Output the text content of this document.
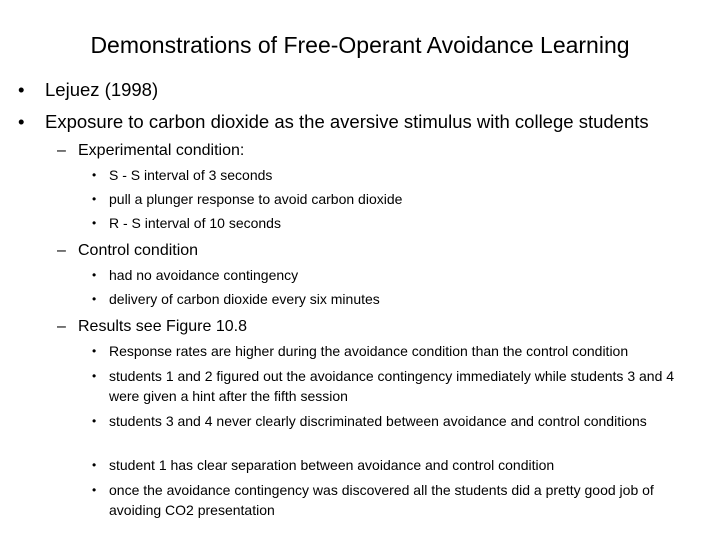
Demonstrations of Free-Operant Avoidance Learning
• Lejuez (1998)
• Exposure to carbon dioxide as the aversive stimulus with college students
– Experimental condition:
• S - S interval of 3 seconds
• pull a plunger response to avoid carbon dioxide
• R - S interval of 10 seconds
– Control condition
• had no avoidance contingency
• delivery of carbon dioxide every six minutes
– Results see Figure 10.8
• Response rates are higher during the avoidance condition than the control condition
• students 1 and 2 figured out the avoidance contingency immediately while students 3 and 4 were given a hint after the fifth session
• students 3 and 4 never clearly discriminated between avoidance and control conditions
• student 1 has clear separation between avoidance and control condition
• once the avoidance contingency was discovered all the students did a pretty good job of avoiding CO2 presentation
